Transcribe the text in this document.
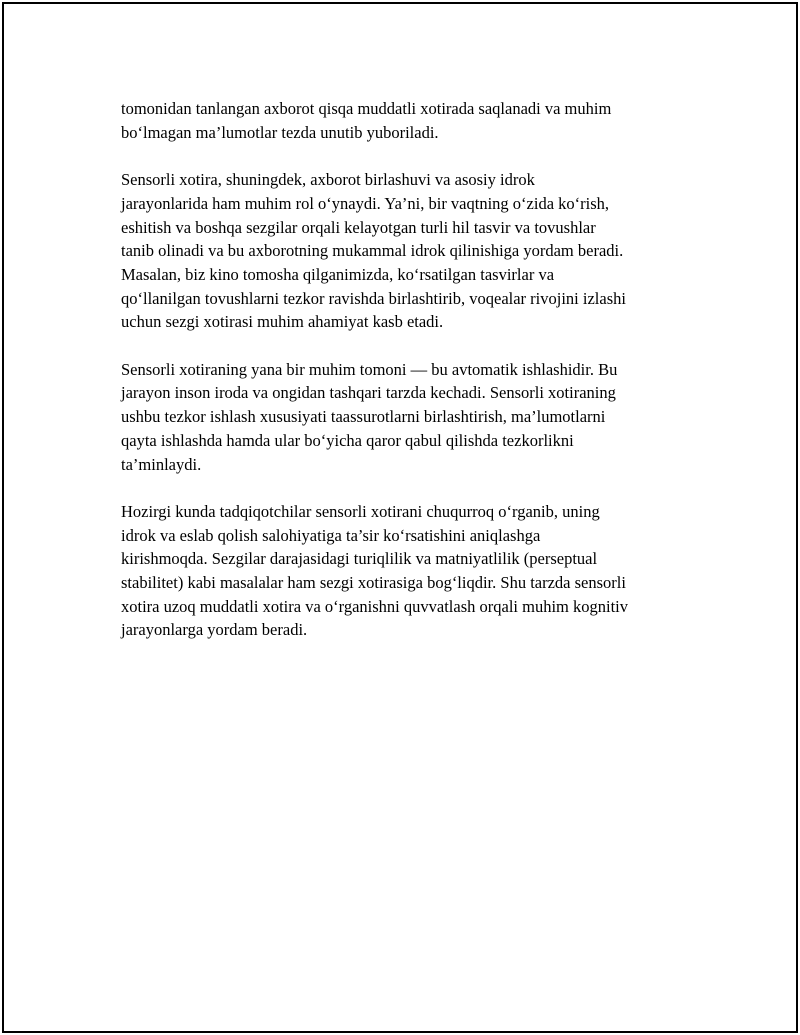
tomonidan tanlangan axborot qisqa muddatli xotirada saqlanadi va muhim
bo‘lmagan ma’lumotlar tezda unutib yuboriladi.

Sensorli xotira, shuningdek, axborot birlashuvi va asosiy idrok
jarayonlarida ham muhim rol o‘ynaydi. Ya’ni, bir vaqtning o‘zida ko‘rish,
eshitish va boshqa sezgilar orqali kelayotgan turli hil tasvir va tovushlar
tanib olinadi va bu axborotning mukammal idrok qilinishiga yordam beradi.
Masalan, biz kino tomosha qilganimizda, ko‘rsatilgan tasvirlar va
qo‘llanilgan tovushlarni tezkor ravishda birlashtirib, voqealar rivojini izlashi
uchun sezgi xotirasi muhim ahamiyat kasb etadi.

Sensorli xotiraning yana bir muhim tomoni — bu avtomatik ishlashidir. Bu
jarayon inson iroda va ongidan tashqari tarzda kechadi. Sensorli xotiraning
ushbu tezkor ishlash xususiyati taassurotlarni birlashtirish, ma’lumotlarni
qayta ishlashda hamda ular bo‘yicha qaror qabul qilishda tezkorlikni
ta’minlaydi.

Hozirgi kunda tadqiqotchilar sensorli xotirani chuqurroq o‘rganib, uning
idrok va eslab qolish salohiyatiga ta’sir ko‘rsatishini aniqlashga
kirishmoqda. Sezgilar darajasidagi turiqlilik va matniyatlilik (perseptual
stabilitet) kabi masalalar ham sezgi xotirasiga bog‘liqdir. Shu tarzda sensorli
xotira uzoq muddatli xotira va o‘rganishni quvvatlash orqali muhim kognitiv
jarayonlarga yordam beradi.
